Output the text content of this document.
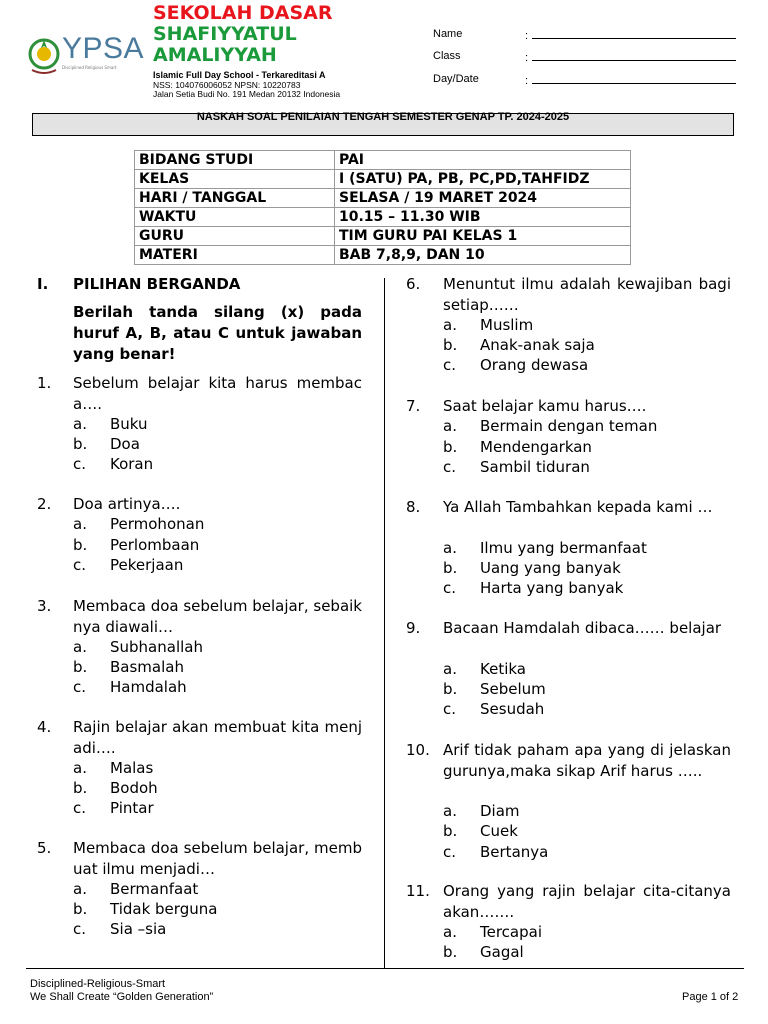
YPSA
Disciplined Religious Smart
SEKOLAH DASAR
SHAFIYYATUL
AMALIYYAH
Islamic Full Day School - Terkareditasi A
NSS: 104076006052 NPSN: 10220783
Jalan Setia Budi No. 191 Medan 20132 Indonesia
Name	:
Class	:
Day/Date	:
NASKAH SOAL PENILAIAN TENGAH SEMESTER GENAP TP. 2024-2025
BIDANG STUDI	PAI
KELAS	I (SATU) PA, PB, PC,PD,TAHFIDZ
HARI / TANGGAL	SELASA / 19 MARET 2024
WAKTU	10.15 – 11.30 WIB
GURU	TIM GURU PAI KELAS 1
MATERI	BAB 7,8,9, DAN 10
I. PILIHAN BERGANDA
Berilah tanda silang (x) pada huruf A, B, atau C untuk jawaban yang benar!
Disciplined-Religious-Smart
We Shall Create “Golden Generation”	Page 1 of 2
1. Sebelum belajar kita harus membaca….
a. Buku
b. Doa
c. Koran
2. Doa artinya….
a. Permohonan
b. Perlombaan
c. Pekerjaan
3. Membaca doa sebelum belajar, sebaiknya diawali…
a. Subhanallah
b. Basmalah
c. Hamdalah
4. Rajin belajar akan membuat kita menjadi….
a. Malas
b. Bodoh
c. Pintar
5. Membaca doa sebelum belajar, membuat ilmu menjadi…
a. Bermanfaat
b. Tidak berguna
c. Sia –sia
6. Menuntut ilmu adalah kewajiban bagi setiap……
a. Muslim
b. Anak-anak saja
c. Orang dewasa
7. Saat belajar kamu harus….
a. Bermain dengan teman
b. Mendengarkan
c. Sambil tiduran
8. Ya Allah Tambahkan kepada kami …
a. Ilmu yang bermanfaat
b. Uang yang banyak
c. Harta yang banyak
9. Bacaan Hamdalah dibaca…… belajar
a. Ketika
b. Sebelum
c. Sesudah
10. Arif tidak paham apa yang di jelaskan gurunya,maka sikap Arif harus …..
a. Diam
b. Cuek
c. Bertanya
11. Orang yang rajin belajar cita-citanya akan…….
a. Tercapai
b. Gagal
